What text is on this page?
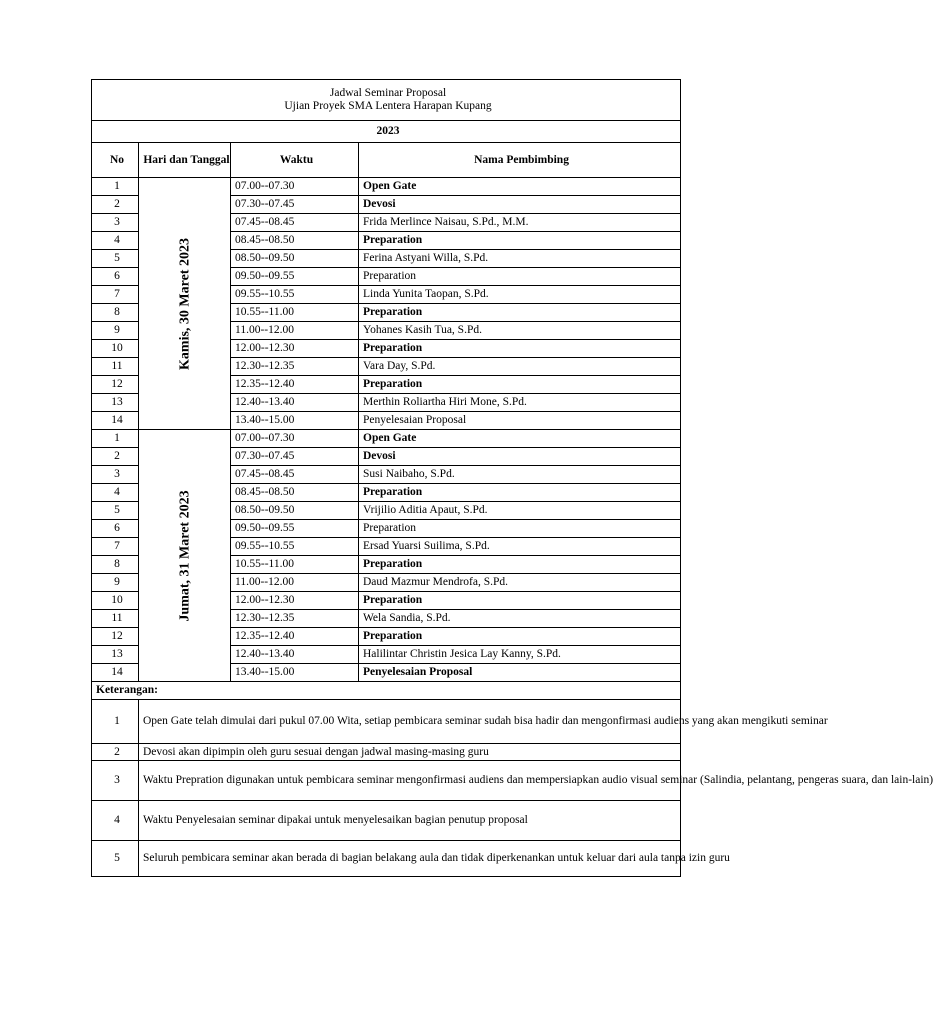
Jadwal Seminar Proposal
Ujian Proyek SMA Lentera Harapan Kupang			

2023			
No	Hari dan Tanggal	Waktu	Nama Pembimbing
1	Kamis, 30 Maret 2023	07.00--07.30	Open Gate
2		07.30--07.45	Devosi
3		07.45--08.45	Frida Merlince Naisau, S.Pd., M.M.
4		08.45--08.50	Preparation
5		08.50--09.50	Ferina Astyani Willa, S.Pd.
6		09.50--09.55	Preparation
7		09.55--10.55	Linda Yunita Taopan, S.Pd.
8		10.55--11.00	Preparation
9		11.00--12.00	Yohanes Kasih Tua, S.Pd.
10		12.00--12.30	Preparation
11		12.30--12.35	Vara Day, S.Pd.
12		12.35--12.40	Preparation
13		12.40--13.40	Merthin Roliartha Hiri Mone, S.Pd.
14		13.40--15.00	Penyelesaian Proposal
1	Jumat, 31 Maret 2023	07.00--07.30	Open Gate
2		07.30--07.45	Devosi
3		07.45--08.45	Susi Naibaho, S.Pd.
4		08.45--08.50	Preparation
5		08.50--09.50	Vrijilio Aditia Apaut, S.Pd.
6		09.50--09.55	Preparation
7		09.55--10.55	Ersad Yuarsi Suilima, S.Pd.
8		10.55--11.00	Preparation
9		11.00--12.00	Daud Mazmur Mendrofa, S.Pd.
10		12.00--12.30	Preparation
11		12.30--12.35	Wela Sandia, S.Pd.
12		12.35--12.40	Preparation
13		12.40--13.40	Halilintar Christin Jesica Lay Kanny, S.Pd.
14		13.40--15.00	Penyelesaian Proposal
Keterangan:			
1	Open Gate telah dimulai dari pukul 07.00 Wita, setiap pembicara seminar sudah bisa hadir dan mengonfirmasi audiens yang akan mengikuti seminar		
2	Devosi akan dipimpin oleh guru sesuai dengan jadwal masing-masing guru		
3	Waktu Prepration digunakan untuk pembicara seminar mengonfirmasi audiens dan mempersiapkan audio visual seminar (Salindia, pelantang, pengeras suara, dan lain-lain)		
4	Waktu Penyelesaian seminar dipakai untuk menyelesaikan bagian penutup proposal		
5	Seluruh pembicara seminar akan berada di bagian belakang aula dan tidak diperkenankan untuk keluar dari aula tanpa izin guru		
